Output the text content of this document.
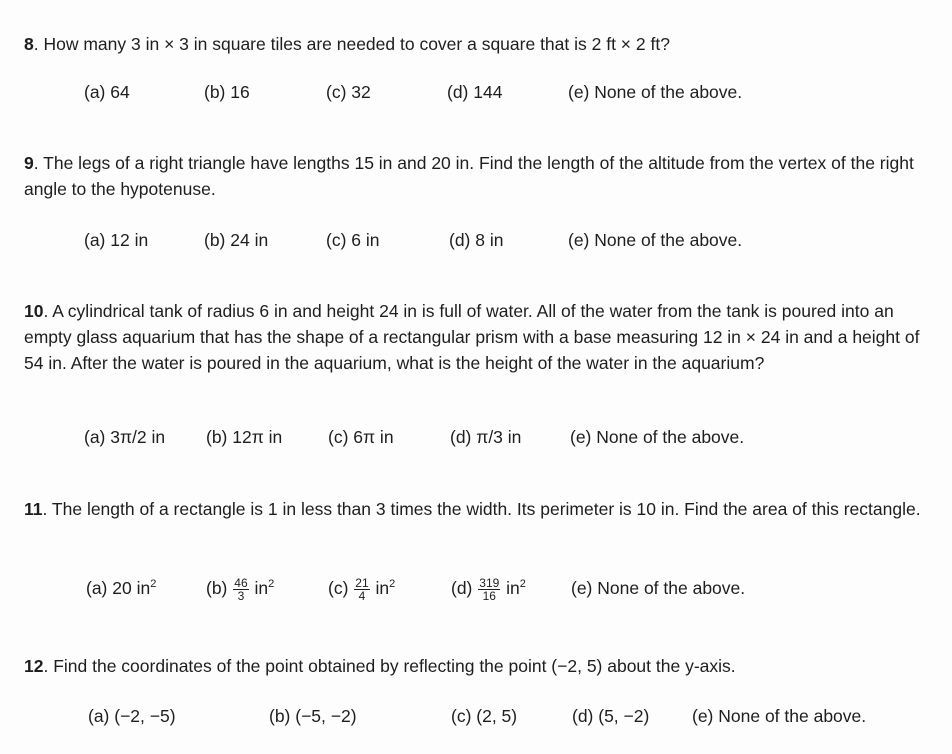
8. How many 3 in × 3 in square tiles are needed to cover a square that is 2 ft × 2 ft?
(a) 64	(b) 16	(c) 32	(d) 144	(e) None of the above.
9. The legs of a right triangle have lengths 15 in and 20 in. Find the length of the altitude from the vertex of the right angle to the hypotenuse.
(a) 12 in	(b) 24 in	(c) 6 in	(d) 8 in	(e) None of the above.
10. A cylindrical tank of radius 6 in and height 24 in is full of water. All of the water from the tank is poured into an empty glass aquarium that has the shape of a rectangular prism with a base measuring 12 in × 24 in and a height of 54 in. After the water is poured in the aquarium, what is the height of the water in the aquarium?
(a) 3π/2 in (b) 12π in	(c) 6π in	(d) π/3 in	(e) None of the above.
11. The length of a rectangle is 1 in less than 3 times the width. Its perimeter is 10 in. Find the area of this rectangle.
(a) 20 $in^2$	$(b) \frac{46}{3} in^2$	$(c) \frac{21}{4} in^2$	$(d) \frac{319}{16} in^2$	(e) None of the above.
12. Find the coordinates of the point obtained by reflecting the point (−2, 5) about the y-axis.
(a) (−2, −5)	(b) (−5, −2)	(c) (2, 5)	(d) (5, −2) (e) None of the above.
